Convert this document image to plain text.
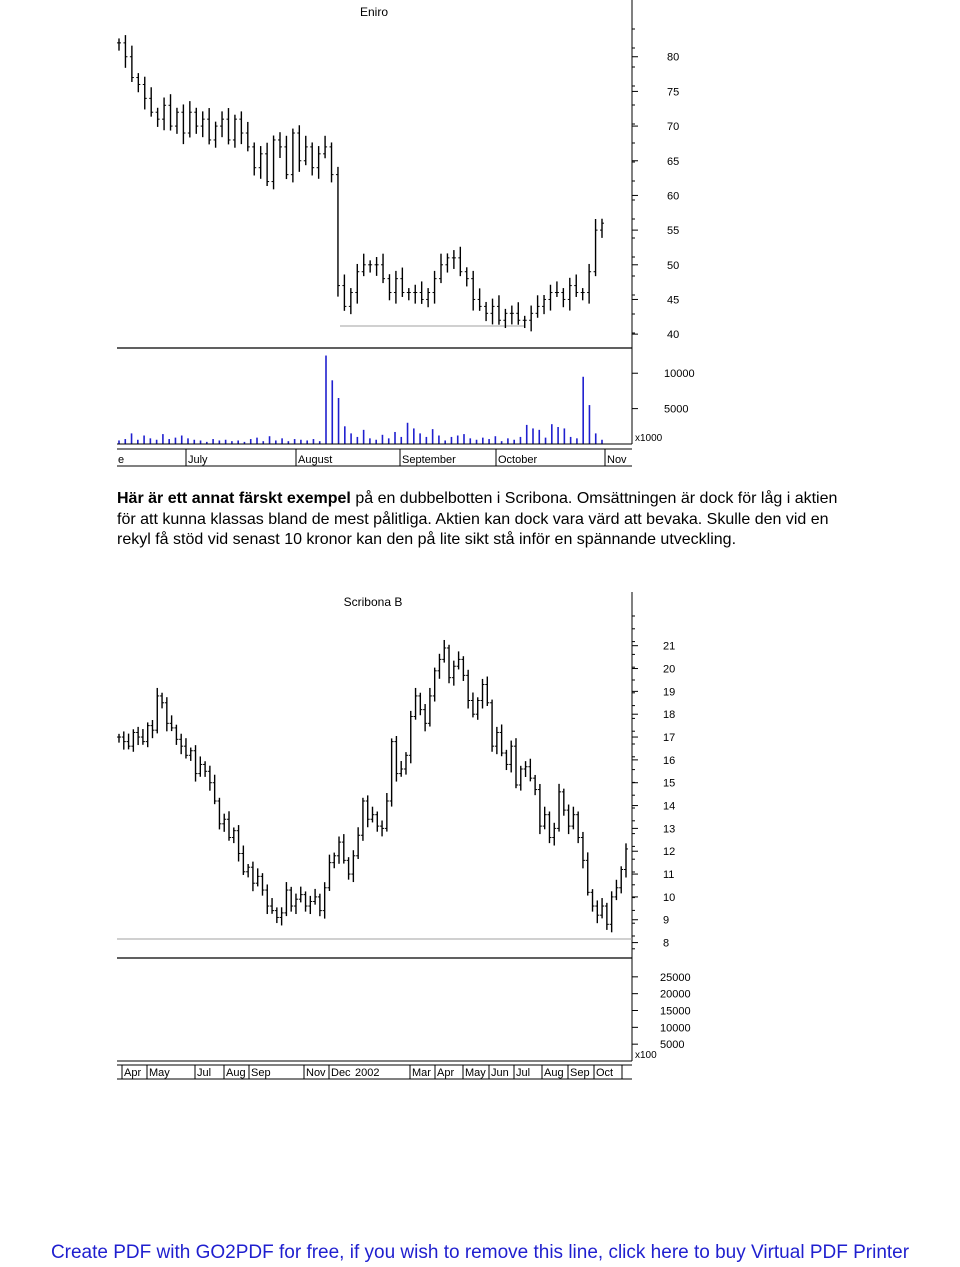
Eniro
40
45
50
55
60
65
70
75
80
5000
10000
x1000
e	July	August	September	October	Nov

Här är ett annat färskt exempel på en dubbelbotten i Scribona. Omsättningen är dock för låg i aktien för att kunna klassas bland de mest pålitliga. Aktien kan dock vara värd att bevaka. Skulle den vid en rekyl få stöd vid senast 10 kronor kan den på lite sikt stå inför en spännande utveckling.

Scribona B
8
9
10
11
12
13
14
15
16
17
18
19
20
21
5000
10000
15000
20000
25000
x100
Apr May Jul Aug Sep	Nov Dec 2002	Mar Apr May Jun Jul Aug Sep Oct
Create PDF with GO2PDF for free, if you wish to remove this line, click here to buy Virtual PDF Printer
